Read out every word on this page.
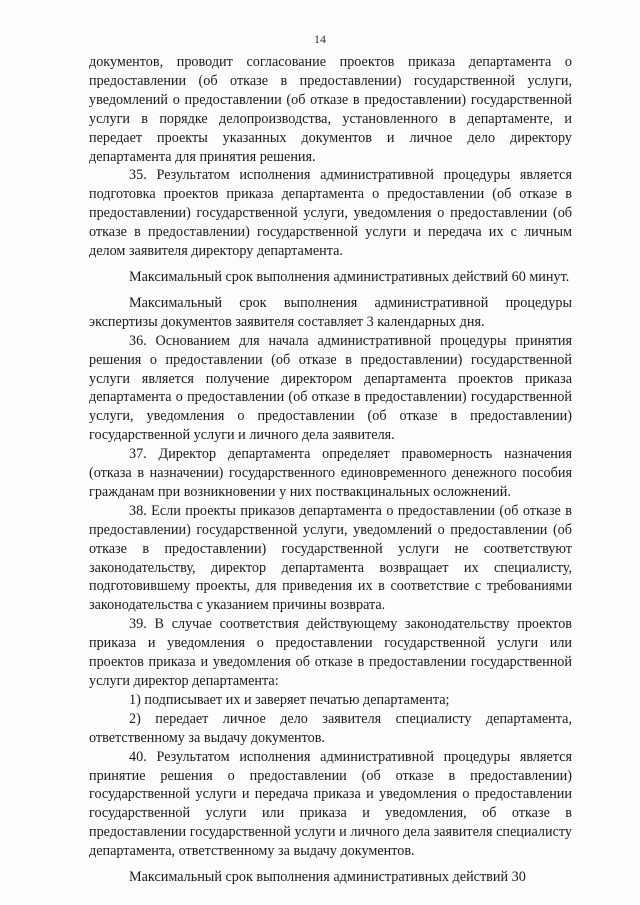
14

документов, проводит согласование проектов приказа департамента о предоставлении (об отказе в предоставлении) государственной услуги, уведомлений о предоставлении (об отказе в предоставлении) государственной услуги в порядке делопроизводства, установленного в департаменте, и передает проекты указанных документов и личное дело директору департамента для принятия решения.

35. Результатом исполнения административной процедуры является подготовка проектов приказа департамента о предоставлении (об отказе в предоставлении) государственной услуги, уведомления о предоставлении (об отказе в предоставлении) государственной услуги и передача их с личным делом заявителя директору департамента.

Максимальный срок выполнения административных действий 60 минут.

Максимальный срок выполнения административной процедуры экспертизы документов заявителя составляет 3 календарных дня.

36. Основанием для начала административной процедуры принятия решения о предоставлении (об отказе в предоставлении) государственной услуги является получение директором департамента проектов приказа департамента о предоставлении (об отказе в предоставлении) государственной услуги, уведомления о предоставлении (об отказе в предоставлении) государственной услуги и личного дела заявителя.

37. Директор департамента определяет правомерность назначения (отказа в назначении) государственного единовременного денежного пособия гражданам при возникновении у них поствакцинальных осложнений.

38. Если проекты приказов департамента о предоставлении (об отказе в предоставлении) государственной услуги, уведомлений о предоставлении (об отказе в предоставлении) государственной услуги не соответствуют законодательству, директор департамента возвращает их специалисту, подготовившему проекты, для приведения их в соответствие с требованиями законодательства с указанием причины возврата.

39. В случае соответствия действующему законодательству проектов приказа и уведомления о предоставлении государственной услуги или проектов приказа и уведомления об отказе в предоставлении государственной услуги директор департамента:

1) подписывает их и заверяет печатью департамента;

2) передает личное дело заявителя специалисту департамента, ответственному за выдачу документов.

40. Результатом исполнения административной процедуры является принятие решения о предоставлении (об отказе в предоставлении) государственной услуги и передача приказа и уведомления о предоставлении государственной услуги или приказа и уведомления, об отказе в предоставлении государственной услуги и личного дела заявителя специалисту департамента, ответственному за выдачу документов.

Максимальный срок выполнения административных действий 30
